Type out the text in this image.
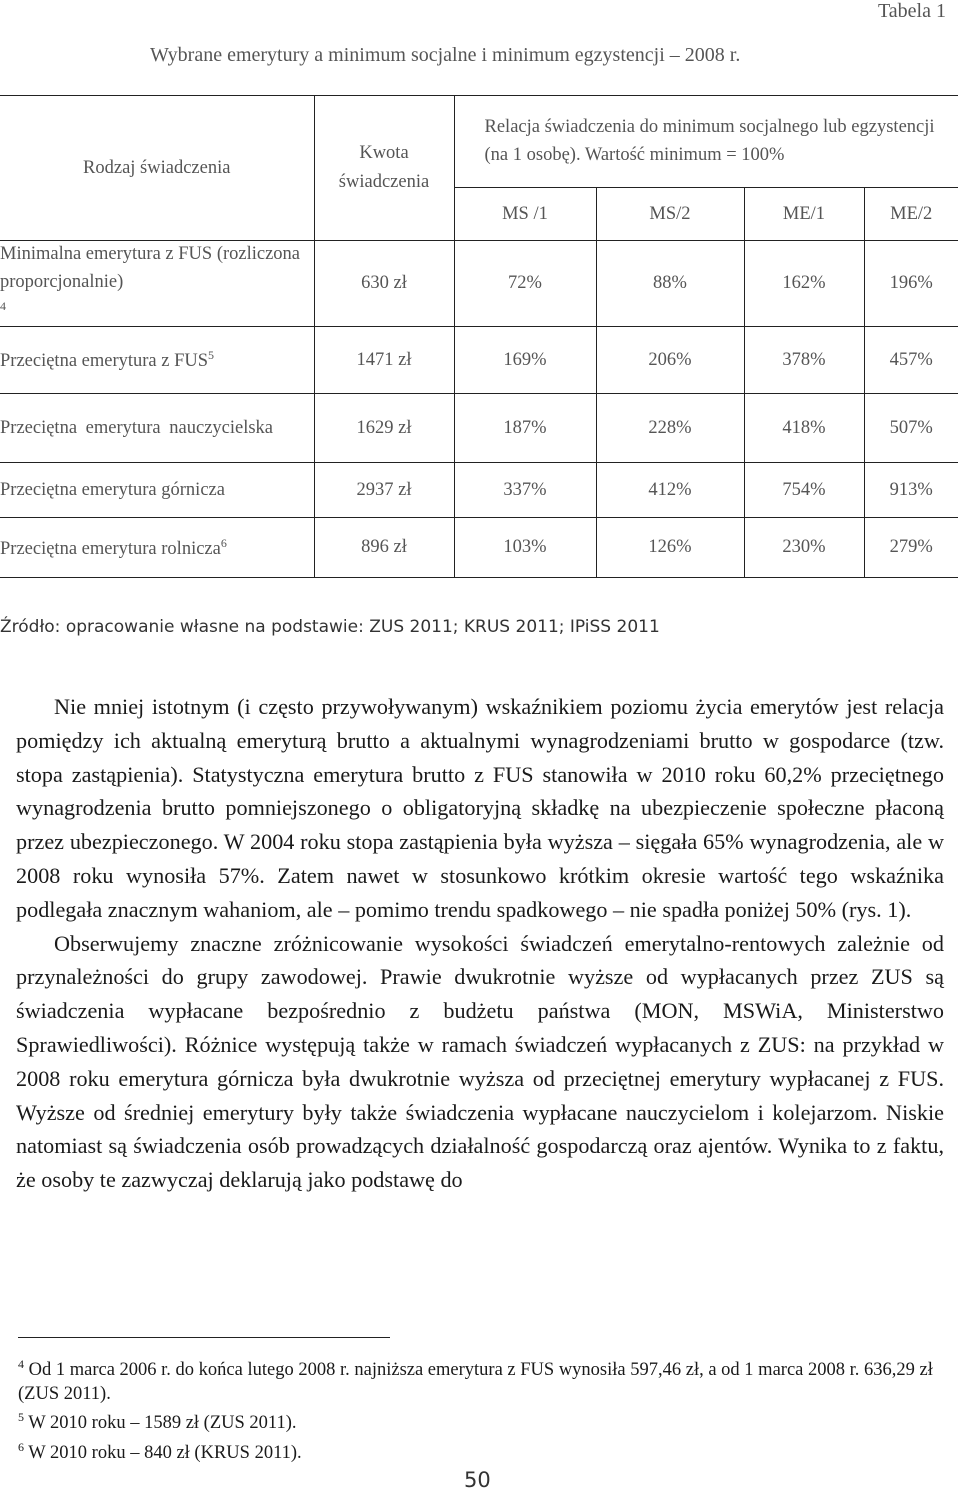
Tabela 1
Wybrane emerytury a minimum socjalne i minimum egzystencji – 2008 r.
Rodzaj świadczenia	Kwota świadczenia	Relacja świadczenia do minimum socjalnego lub egzystencji (na 1 osobę). Wartość minimum = 100%			
		MS /1	MS/2	ME/1	ME/2
Minimalna emerytura z FUS (rozliczona proporcjonalnie)$^4$	630 zł	72%	88%	162%	196%
Przeciętna emerytura z FUS$^5$	1471 zł	169%	206%	378%	457%
Przeciętna emerytura nauczycielska	1629 zł	187%	228%	418%	507%
Przeciętna emerytura górnicza	2937 zł	337%	412%	754%	913%
Przeciętna emerytura rolnicza$^6$	896 zł	103%	126%	230%	279%
Źródło: opracowanie własne na podstawie: ZUS 2011; KRUS 2011; IPiSS 2011

Nie mniej istotnym (i często przywoływanym) wskaźnikiem poziomu życia emerytów jest relacja pomiędzy ich aktualną emeryturą brutto a aktualnymi wynagrodzeniami brutto w gospodarce (tzw. stopa zastąpienia). Statystyczna emerytura brutto z FUS stanowiła w 2010 roku 60,2% przeciętnego wynagrodzenia brutto pomniejszonego o obligatoryjną składkę na ubezpieczenie społeczne płaconą przez ubezpieczonego. W 2004 roku stopa zastąpienia była wyższa – sięgała 65% wynagrodzenia, ale w 2008 roku wynosiła 57%. Zatem nawet w stosunkowo krótkim okresie wartość tego wskaźnika podlegała znacznym wahaniom, ale – pomimo trendu spadkowego – nie spadła poniżej 50% (rys. 1).

Obserwujemy znaczne zróżnicowanie wysokości świadczeń emerytalno-rentowych zależnie od przynależności do grupy zawodowej. Prawie dwukrotnie wyższe od wypłacanych przez ZUS są świadczenia wypłacane bezpośrednio z budżetu państwa (MON, MSWiA, Ministerstwo Sprawiedliwości). Różnice występują także w ramach świadczeń wypłacanych z ZUS: na przykład w 2008 roku emerytura górnicza była dwukrotnie wyższa od przeciętnej emerytury wypłacanej z FUS. Wyższe od średniej emerytury były także świadczenia wypłacane nauczycielom i kolejarzom. Niskie natomiast są świadczenia osób prowadzących działalność gospodarczą oraz ajentów. Wynika to z faktu, że osoby te zazwyczaj deklarują jako podstawę do

$^4$ Od 1 marca 2006 r. do końca lutego 2008 r. najniższa emerytura z FUS wynosiła 597,46 zł, a od 1 marca 2008 r. 636,29 zł (ZUS 2011).
$^5$ W 2010 roku – 1589 zł (ZUS 2011).
$^6$ W 2010 roku – 840 zł (KRUS 2011).
50
